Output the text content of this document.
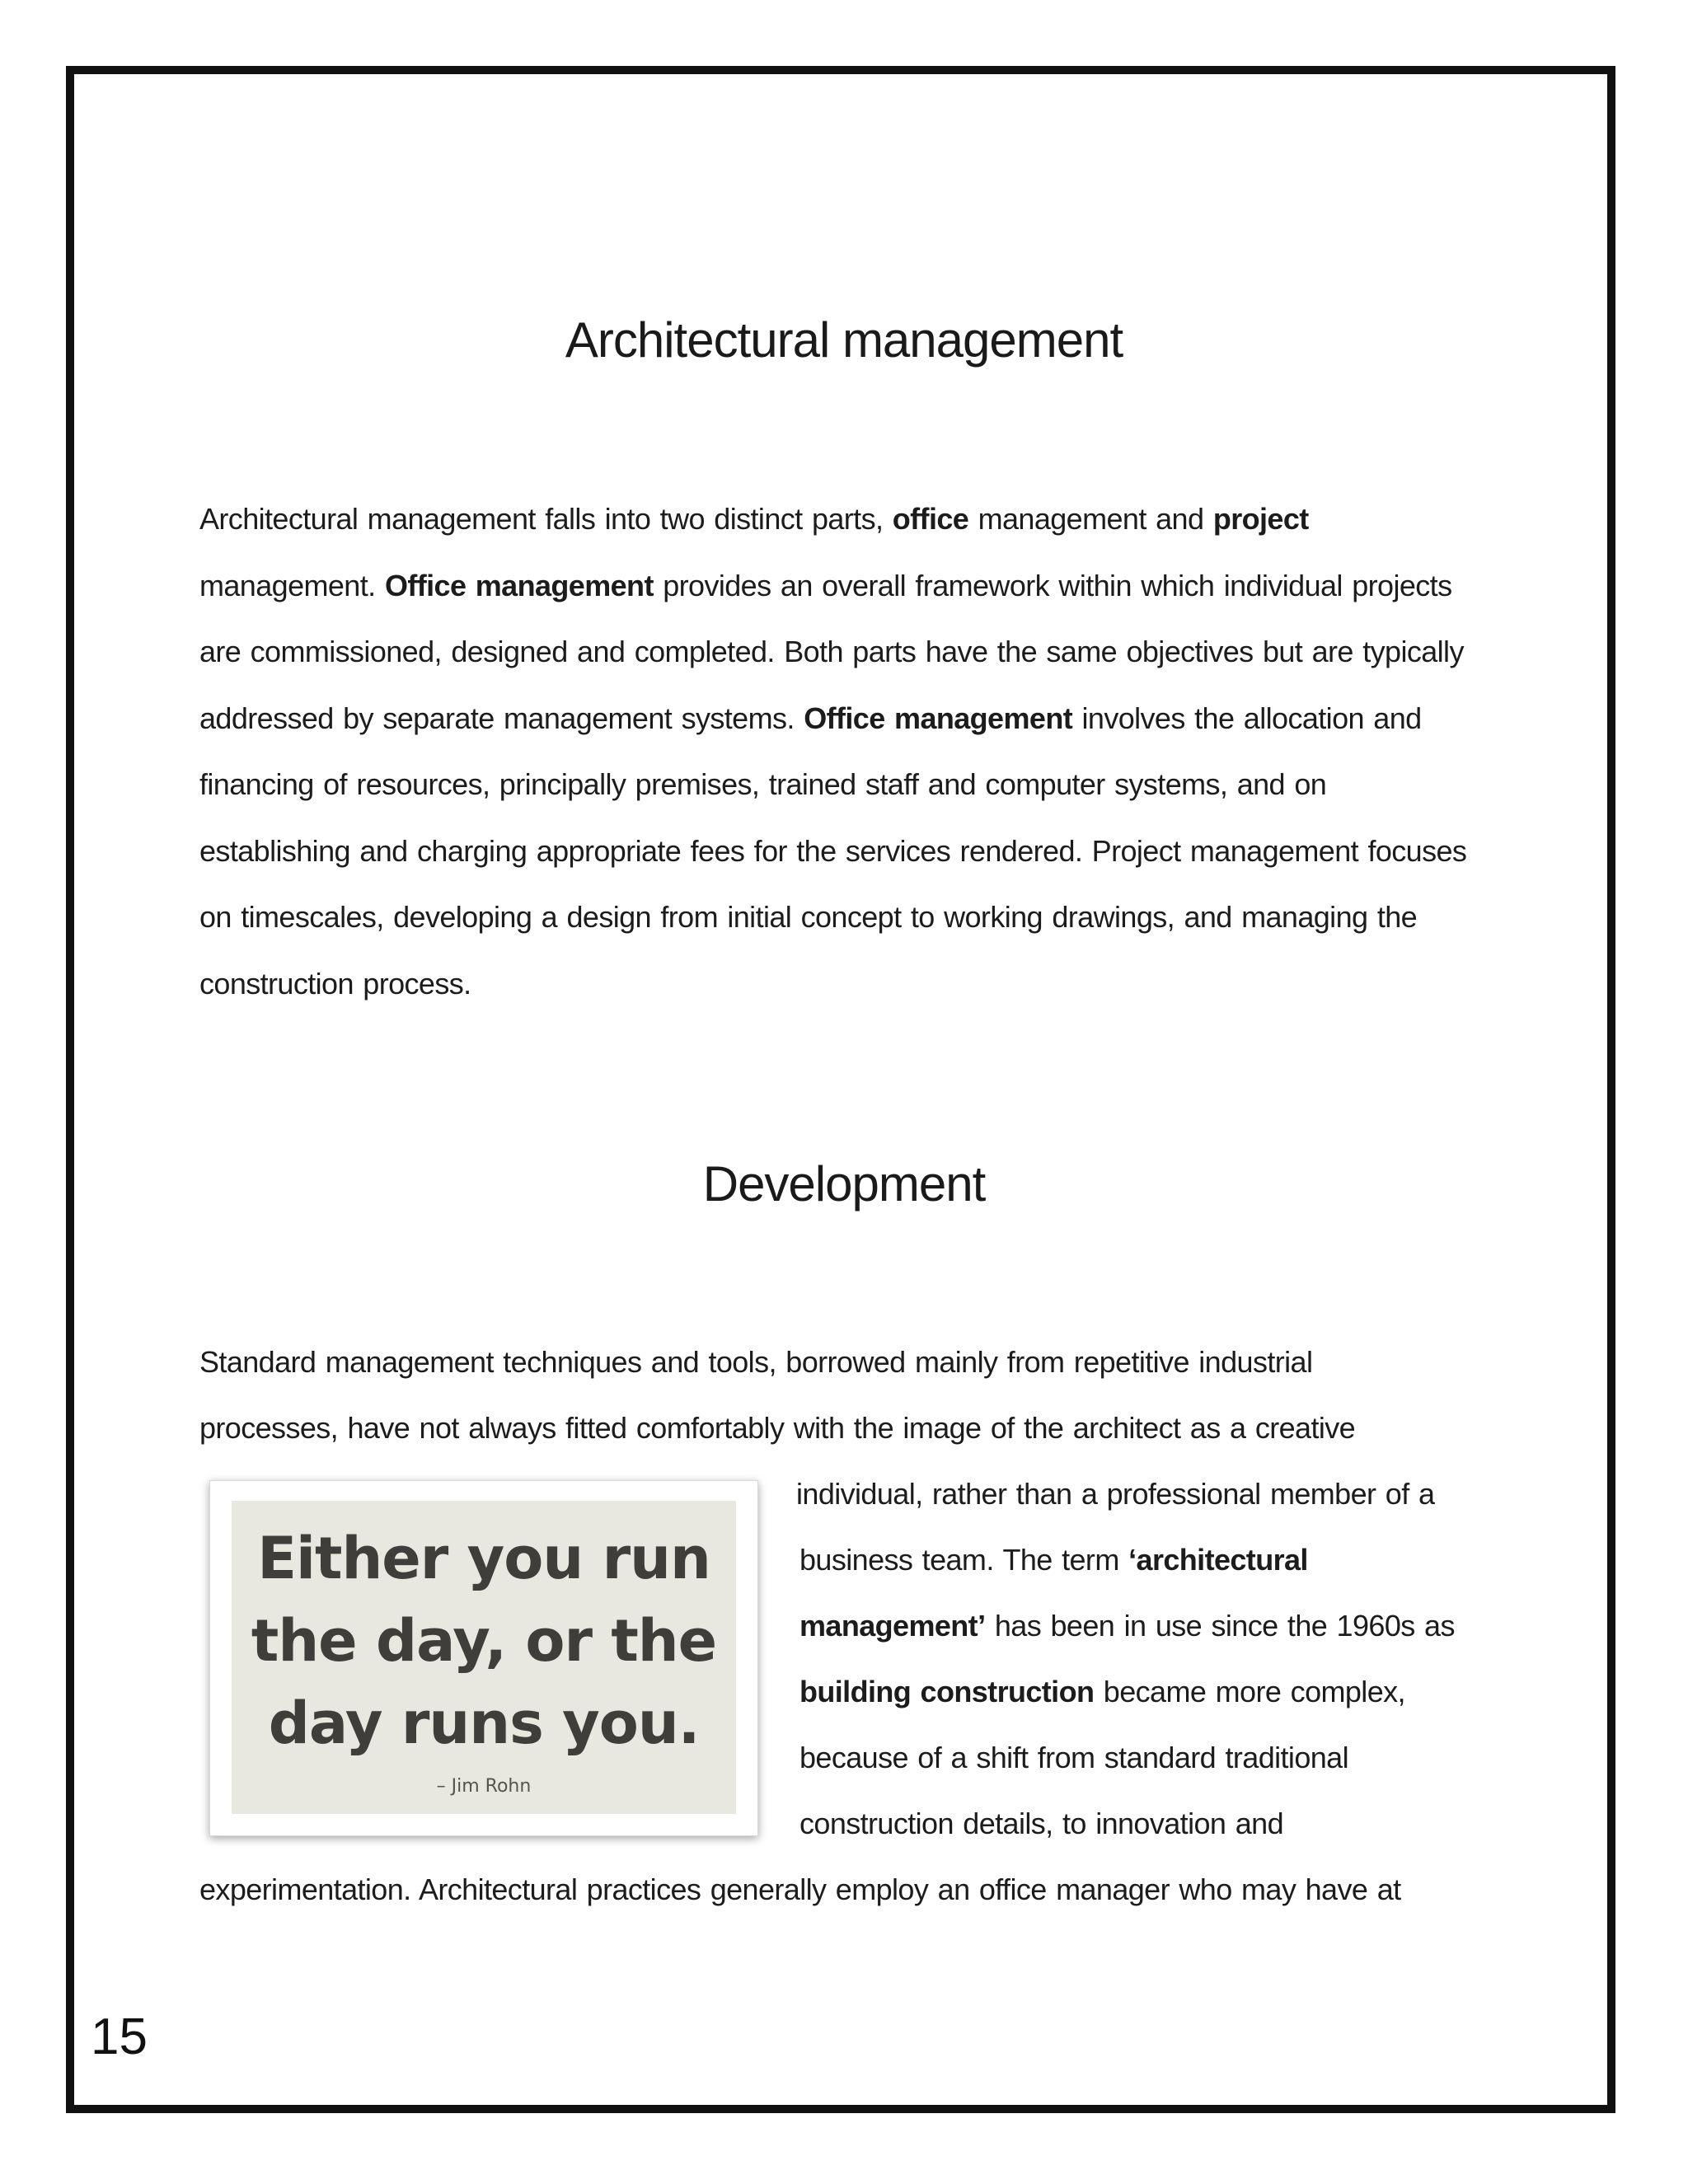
Architectural management

Architectural management falls into two distinct parts, office management and project management. Office management provides an overall framework within which individual projects are commissioned, designed and completed. Both parts have the same objectives but are typically addressed by separate management systems. Office management involves the allocation and financing of resources, principally premises, trained staff and computer systems, and on establishing and charging appropriate fees for the services rendered. Project management focuses on timescales, developing a design from initial concept to working drawings, and managing the construction process.

Development
Standard management techniques and tools, borrowed mainly from repetitive industrial
processes, have not always fitted comfortably with the image of the architect as a creative
individual, rather than a professional member of a
business team. The term ‘architectural
management’ has been in use since the 1960s as
building construction became more complex,
because of a shift from standard traditional
construction details, to innovation and
experimentation. Architectural practices generally employ an office manager who may have at
Either you run
the day, or the
day runs you.
– Jim Rohn
15
